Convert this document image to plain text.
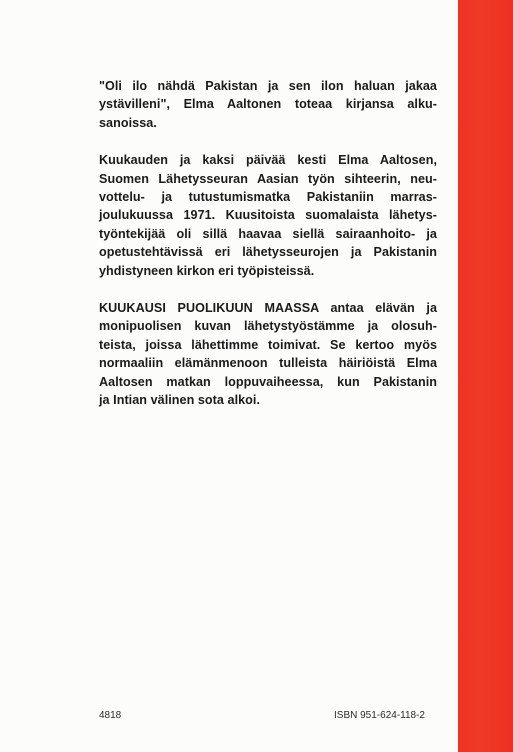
"Oli ilo nähdä Pakistan ja sen ilon haluan jakaa
ystävilleni", Elma Aaltonen toteaa kirjansa alku-
sanoissa.

Kuukauden ja kaksi päivää kesti Elma Aaltosen,
Suomen Lähetysseuran Aasian työn sihteerin, neu-
vottelu- ja tutustumismatka Pakistaniin marras-
joulukuussa 1971. Kuusitoista suomalaista lähetys-
työntekijää oli sillä haavaa siellä sairaanhoito- ja
opetustehtävissä eri lähetysseurojen ja Pakistanin
yhdistyneen kirkon eri työpisteissä.

KUUKAUSI PUOLIKUUN MAASSA antaa elävän ja
monipuolisen kuvan lähetystyöstämme ja olosuh-
teista, joissa lähettimme toimivat. Se kertoo myös
normaaliin elämänmenoon tulleista häiriöistä Elma
Aaltosen matkan loppuvaiheessa, kun Pakistanin
ja Intian välinen sota alkoi.

4818	ISBN 951-624-118-2
